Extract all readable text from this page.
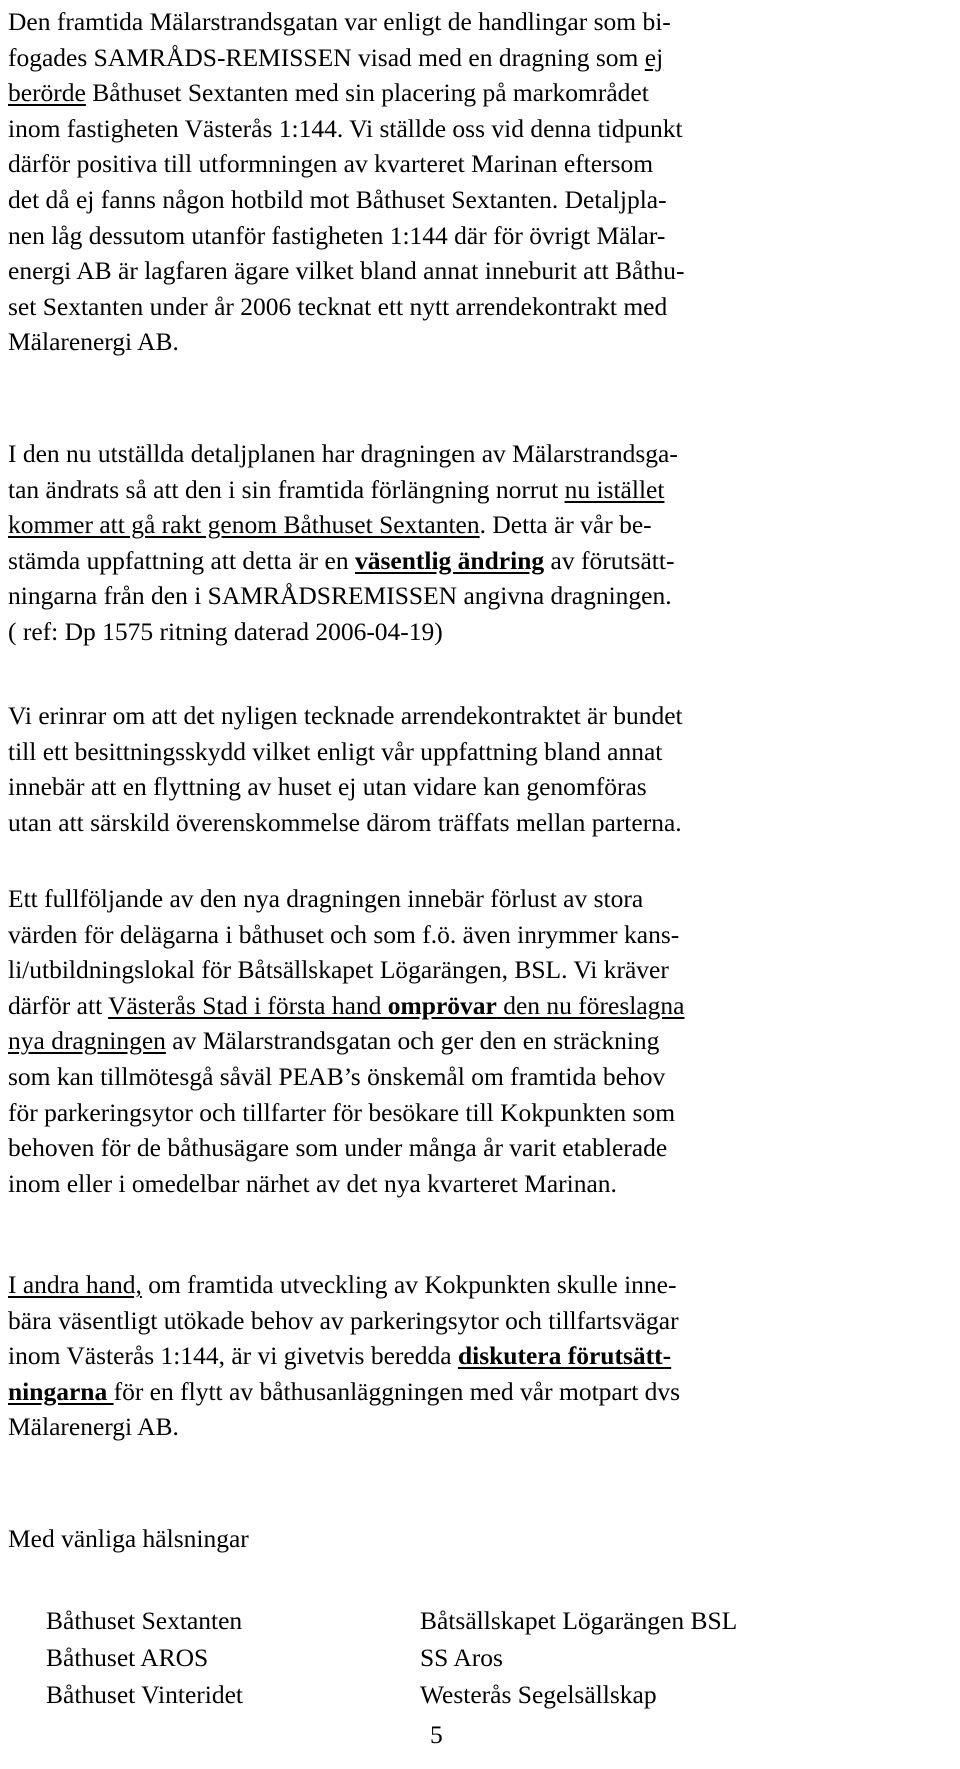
Den framtida Mälarstrandsgatan var enligt de handlingar som bi-
fogades SAMRÅDS-REMISSEN visad med en dragning som ej
berörde Båthuset Sextanten med sin placering på markområdet
inom fastigheten Västerås 1:144. Vi ställde oss vid denna tidpunkt
därför positiva till utformningen av kvarteret Marinan eftersom
det då ej fanns någon hotbild mot Båthuset Sextanten. Detaljpla-
nen låg dessutom utanför fastigheten 1:144 där för övrigt Mälar-
energi AB är lagfaren ägare vilket bland annat inneburit att Båthu-
set Sextanten under år 2006 tecknat ett nytt arrendekontrakt med
Mälarenergi AB.

I den nu utställda detaljplanen har dragningen av Mälarstrandsga-
tan ändrats så att den i sin framtida förlängning norrut nu istället
kommer att gå rakt genom Båthuset Sextanten. Detta är vår be-
stämda uppfattning att detta är en väsentlig ändring av förutsätt-
ningarna från den i SAMRÅDSREMISSEN angivna dragningen.
( ref: Dp 1575 ritning daterad 2006-04-19)

Vi erinrar om att det nyligen tecknade arrendekontraktet är bundet
till ett besittningsskydd vilket enligt vår uppfattning bland annat
innebär att en flyttning av huset ej utan vidare kan genomföras
utan att särskild överenskommelse därom träffats mellan parterna.

Ett fullföljande av den nya dragningen innebär förlust av stora
värden för delägarna i båthuset och som f.ö. även inrymmer kans-
li/utbildningslokal för Båtsällskapet Lögarängen, BSL. Vi kräver
därför att Västerås Stad i första hand omprövar den nu föreslagna
nya dragningen av Mälarstrandsgatan och ger den en sträckning
som kan tillmötesgå såväl PEAB’s önskemål om framtida behov
för parkeringsytor och tillfarter för besökare till Kokpunkten som
behoven för de båthusägare som under många år varit etablerade
inom eller i omedelbar närhet av det nya kvarteret Marinan.

I andra hand, om framtida utveckling av Kokpunkten skulle inne-
bära väsentligt utökade behov av parkeringsytor och tillfartsvägar
inom Västerås 1:144, är vi givetvis beredda diskutera förutsätt-
ningarna för en flytt av båthusanläggningen med vår motpart dvs
Mälarenergi AB.

Med vänliga hälsningar
Båthuset Sextanten
Båthuset AROS
Båthuset Vinteridet
Båtsällskapet Lögarängen BSL
SS Aros
Westerås Segelsällskap
5
